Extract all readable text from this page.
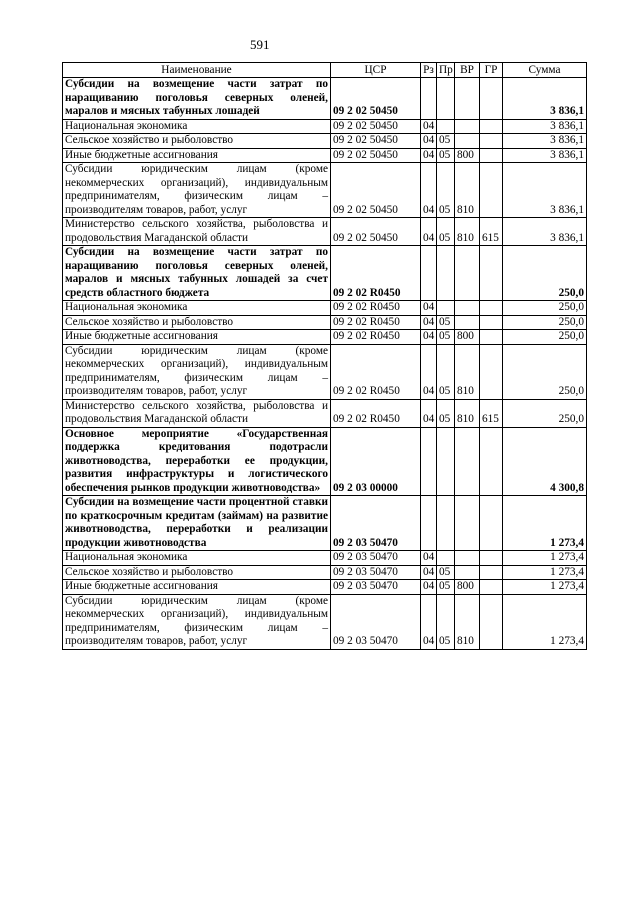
591
Наименование	ЦСР	Рз	Пр	ВР	ГР	Сумма
Субсидии на возмещение части затрат по наращиванию поголовья северных оленей, маралов и мясных табунных лошадей	09 2 02 50450					3 836,1
Национальная экономика	09 2 02 50450	04				3 836,1
Сельское хозяйство и рыболовство	09 2 02 50450	04	05			3 836,1
Иные бюджетные ассигнования	09 2 02 50450	04	05	800		3 836,1
Субсидии юридическим лицам (кроме некоммерческих организаций), индивидуальным предпринимателям, физическим лицам – производителям товаров, работ, услуг	09 2 02 50450	04	05	810		3 836,1
Министерство сельского хозяйства, рыболовства и продовольствия Магаданской области	09 2 02 50450	04	05	810	615	3 836,1
Субсидии на возмещение части затрат по наращиванию поголовья северных оленей, маралов и мясных табунных лошадей за счет средств областного бюджета	09 2 02 R0450					250,0
Национальная экономика	09 2 02 R0450	04				250,0
Сельское хозяйство и рыболовство	09 2 02 R0450	04	05			250,0
Иные бюджетные ассигнования	09 2 02 R0450	04	05	800		250,0
Субсидии юридическим лицам (кроме некоммерческих организаций), индивидуальным предпринимателям, физическим лицам – производителям товаров, работ, услуг	09 2 02 R0450	04	05	810		250,0
Министерство сельского хозяйства, рыболовства и продовольствия Магаданской области	09 2 02 R0450	04	05	810	615	250,0
Основное мероприятие «Государственная поддержка кредитования подотрасли животноводства, переработки ее продукции, развития инфраструктуры и логистического обеспечения рынков продукции животноводства»	09 2 03 00000					4 300,8
Субсидии на возмещение части процентной ставки по краткосрочным кредитам (займам) на развитие животноводства, переработки и реализации продукции животноводства	09 2 03 50470					1 273,4
Национальная экономика	09 2 03 50470	04				1 273,4
Сельское хозяйство и рыболовство	09 2 03 50470	04	05			1 273,4
Иные бюджетные ассигнования	09 2 03 50470	04	05	800		1 273,4
Субсидии юридическим лицам (кроме некоммерческих организаций), индивидуальным предпринимателям, физическим лицам – производителям товаров, работ, услуг	09 2 03 50470	04	05	810		1 273,4
